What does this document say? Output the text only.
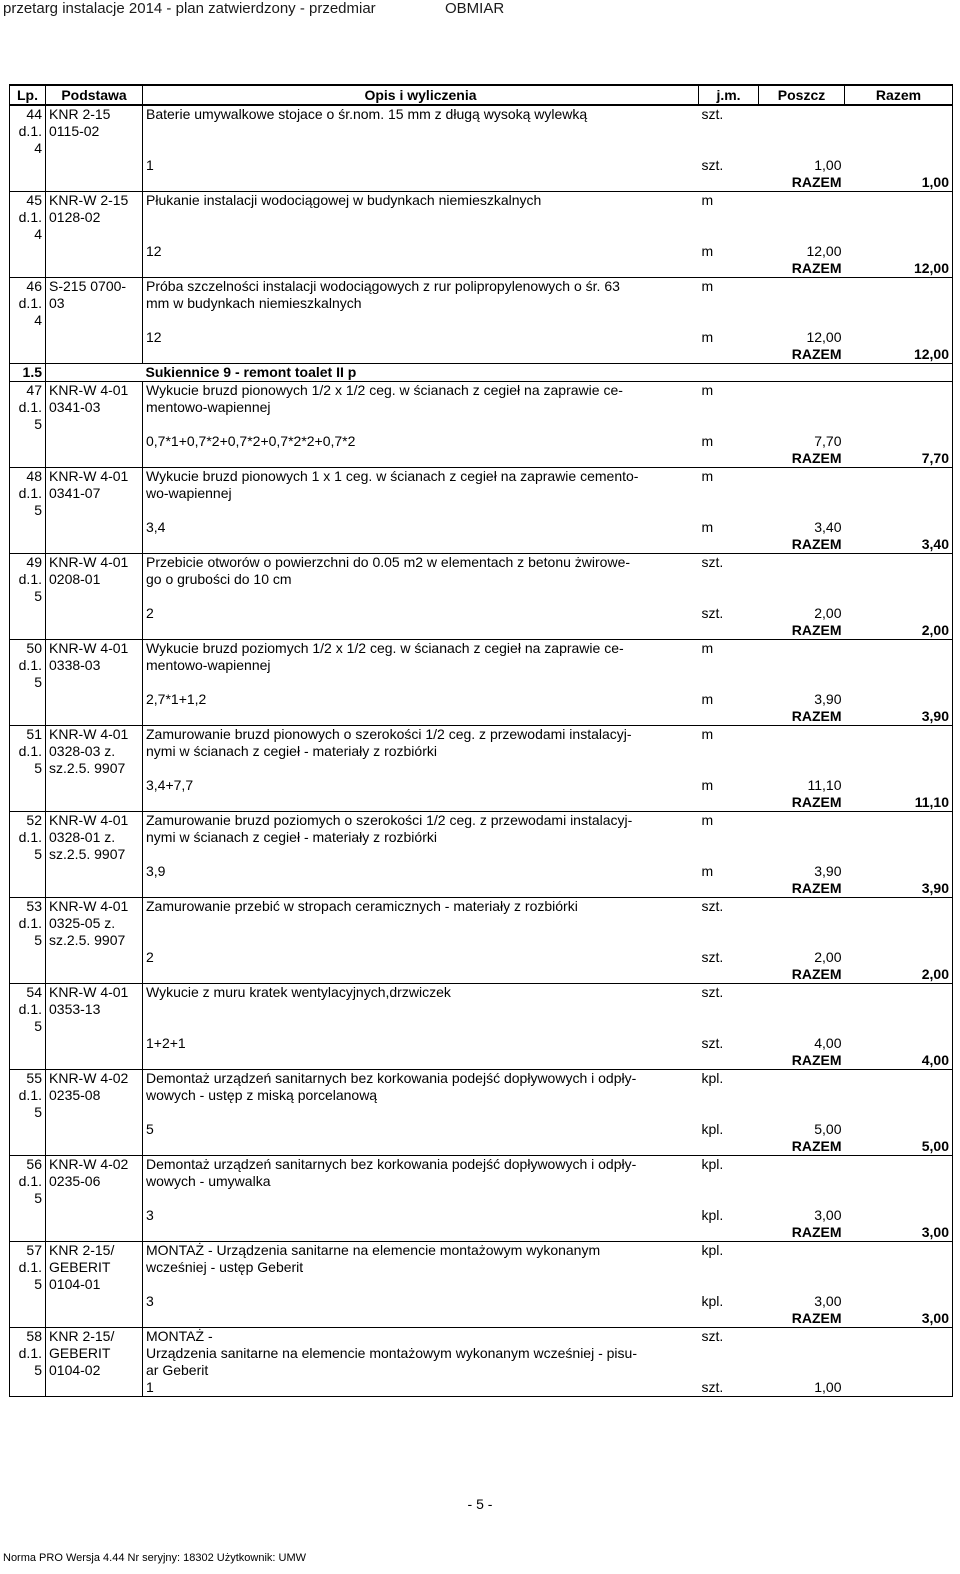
przetarg instalacje 2014 - plan zatwierdzony - przedmiar	OBMIAR
Lp.	Podstawa	Opis i wyliczenia	j.m.	Poszcz	Razem
44	KNR 2-15	Baterie umywalkowe stojace o śr.nom. 15 mm z długą wysoką wylewką	szt.		
d.1.	0115-02				
4					
		1	szt.	1,00	
			RAZEM		1,00
45	KNR-W 2-15	Płukanie instalacji wodociągowej w budynkach niemieszkalnych	m		
d.1.	0128-02				
4					
		12	m	12,00	
			RAZEM		12,00
46	S-215 0700-	Próba szczelności instalacji wodociągowych z rur polipropylenowych o śr. 63	m		
d.1.	03	mm w budynkach niemieszkalnych			
4					
		12	m	12,00	
			RAZEM		12,00
1.5		Sukiennice 9 - remont toalet II p			
47	KNR-W 4-01	Wykucie bruzd pionowych 1/2 x 1/2 ceg. w ścianach z cegieł na zaprawie ce-	m		
d.1.	0341-03	mentowo-wapiennej			
5					
		0,7*1+0,7*2+0,7*2+0,7*2*2+0,7*2	m	7,70	
			RAZEM		7,70
48	KNR-W 4-01	Wykucie bruzd pionowych 1 x 1 ceg. w ścianach z cegieł na zaprawie cemento-	m		
d.1.	0341-07	wo-wapiennej			
5					
		3,4	m	3,40	
			RAZEM		3,40
49	KNR-W 4-01	Przebicie otworów o powierzchni do 0.05 m2 w elementach z betonu żwirowe-	szt.		
d.1.	0208-01	go o grubości do 10 cm			
5					
		2	szt.	2,00	
			RAZEM		2,00
50	KNR-W 4-01	Wykucie bruzd poziomych 1/2 x 1/2 ceg. w ścianach z cegieł na zaprawie ce-	m		
d.1.	0338-03	mentowo-wapiennej			
5					
		2,7*1+1,2	m	3,90	
			RAZEM		3,90
51	KNR-W 4-01	Zamurowanie bruzd pionowych o szerokości 1/2 ceg. z przewodami instalacyj-	m		
d.1.	0328-03 z.	nymi w ścianach z cegieł - materiały z rozbiórki			
5	sz.2.5. 9907				
		3,4+7,7	m	11,10	
			RAZEM		11,10
52	KNR-W 4-01	Zamurowanie bruzd poziomych o szerokości 1/2 ceg. z przewodami instalacyj-	m		
d.1.	0328-01 z.	nymi w ścianach z cegieł - materiały z rozbiórki			
5	sz.2.5. 9907				
		3,9	m	3,90	
			RAZEM		3,90
53	KNR-W 4-01	Zamurowanie przebić w stropach ceramicznych - materiały z rozbiórki	szt.		
d.1.	0325-05 z.				
5	sz.2.5. 9907				
		2	szt.	2,00	
			RAZEM		2,00
54	KNR-W 4-01	Wykucie z muru kratek wentylacyjnych,drzwiczek	szt.		
d.1.	0353-13				
5					
		1+2+1	szt.	4,00	
			RAZEM		4,00
55	KNR-W 4-02	Demontaż urządzeń sanitarnych bez korkowania podejść dopływowych i odpły-	kpl.		
d.1.	0235-08	wowych - ustęp z miską porcelanową			
5					
		5	kpl.	5,00	
			RAZEM		5,00
56	KNR-W 4-02	Demontaż urządzeń sanitarnych bez korkowania podejść dopływowych i odpły-	kpl.		
d.1.	0235-06	wowych - umywalka			
5					
		3	kpl.	3,00	
			RAZEM		3,00
57	KNR 2-15/	MONTAŻ - Urządzenia sanitarne na elemencie montażowym wykonanym	kpl.		
d.1.	GEBERIT	wcześniej - ustęp Geberit			
5	0104-01				
		3	kpl.	3,00	
			RAZEM		3,00
58	KNR 2-15/	MONTAŻ -	szt.		
d.1.	GEBERIT	Urządzenia sanitarne na elemencie montażowym wykonanym wcześniej - pisu-			
5	0104-02	ar Geberit			
		1	szt.	1,00	
- 5 -
Norma PRO Wersja 4.44 Nr seryjny: 18302 Użytkownik: UMW
